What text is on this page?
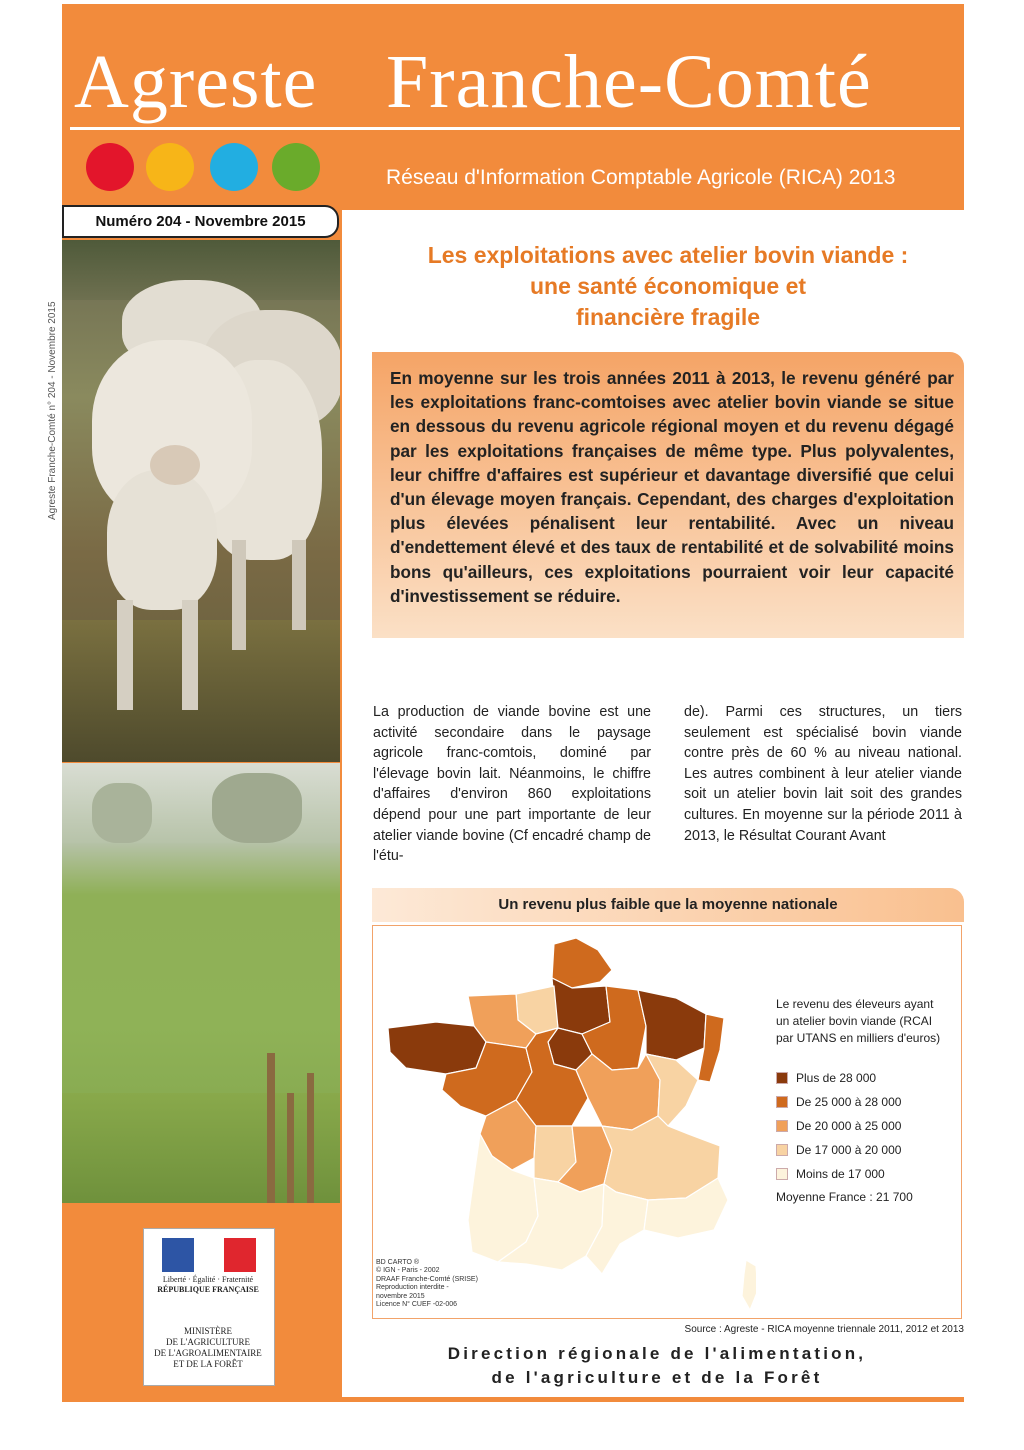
Agreste Franche-Comté
Réseau d'Information Comptable Agricole (RICA) 2013
Agreste Franche-Comté n° 204 - Novembre 2015
Numéro 204 - Novembre 2015
Liberté · Égalité · Fraternité
RÉPUBLIQUE FRANÇAISE
MINISTÈRE
DE L'AGRICULTURE
DE L'AGROALIMENTAIRE
ET DE LA FORÊT
Les exploitations avec atelier bovin viande :
une santé économique et
financière fragile
En moyenne sur les trois années 2011 à 2013, le revenu généré par les exploitations franc-comtoises avec atelier bovin viande se situe en dessous du revenu agricole régional moyen et du revenu dégagé par les exploitations françaises de même type. Plus polyvalentes, leur chiffre d'affaires est supérieur et davantage diversifié que celui d'un élevage moyen français. Cependant, des charges d'exploitation plus élevées pénalisent leur rentabilité. Avec un niveau d'endettement élevé et des taux de rentabilité et de solvabilité moins bons qu'ailleurs, ces exploitations pourraient voir leur capacité d'investissement se réduire.
La production de viande bovine est une activité secondaire dans le paysage agricole franc-comtois, dominé par l'élevage bovin lait. Néanmoins, le chiffre d'affaires d'environ 860 exploitations dépend pour une part importante de leur atelier viande bovine (Cf encadré champ de l'étu-
de). Parmi ces structures, un tiers seulement est spécialisé bovin viande contre près de 60 % au niveau national. Les autres combinent à leur atelier viande soit un atelier bovin lait soit des grandes cultures. En moyenne sur la période 2011 à 2013, le Résultat Courant Avant
Un revenu plus faible que la moyenne nationale
BD CARTO ®
© IGN - Paris - 2002
DRAAF Franche-Comté (SRISE)
Reproduction interdite -
novembre 2015
Licence N° CUEF -02-006
Le revenu des éleveurs ayant un atelier bovin viande (RCAI par UTANS en milliers d'euros)
Plus de 28 000
De 25 000 à 28 000
De 20 000 à 25 000
De 17 000 à 20 000
Moins de 17 000
Moyenne France : 21 700
Source : Agreste - RICA moyenne triennale 2011, 2012 et 2013
Direction régionale de l'alimentation,
de l'agriculture et de la Forêt
